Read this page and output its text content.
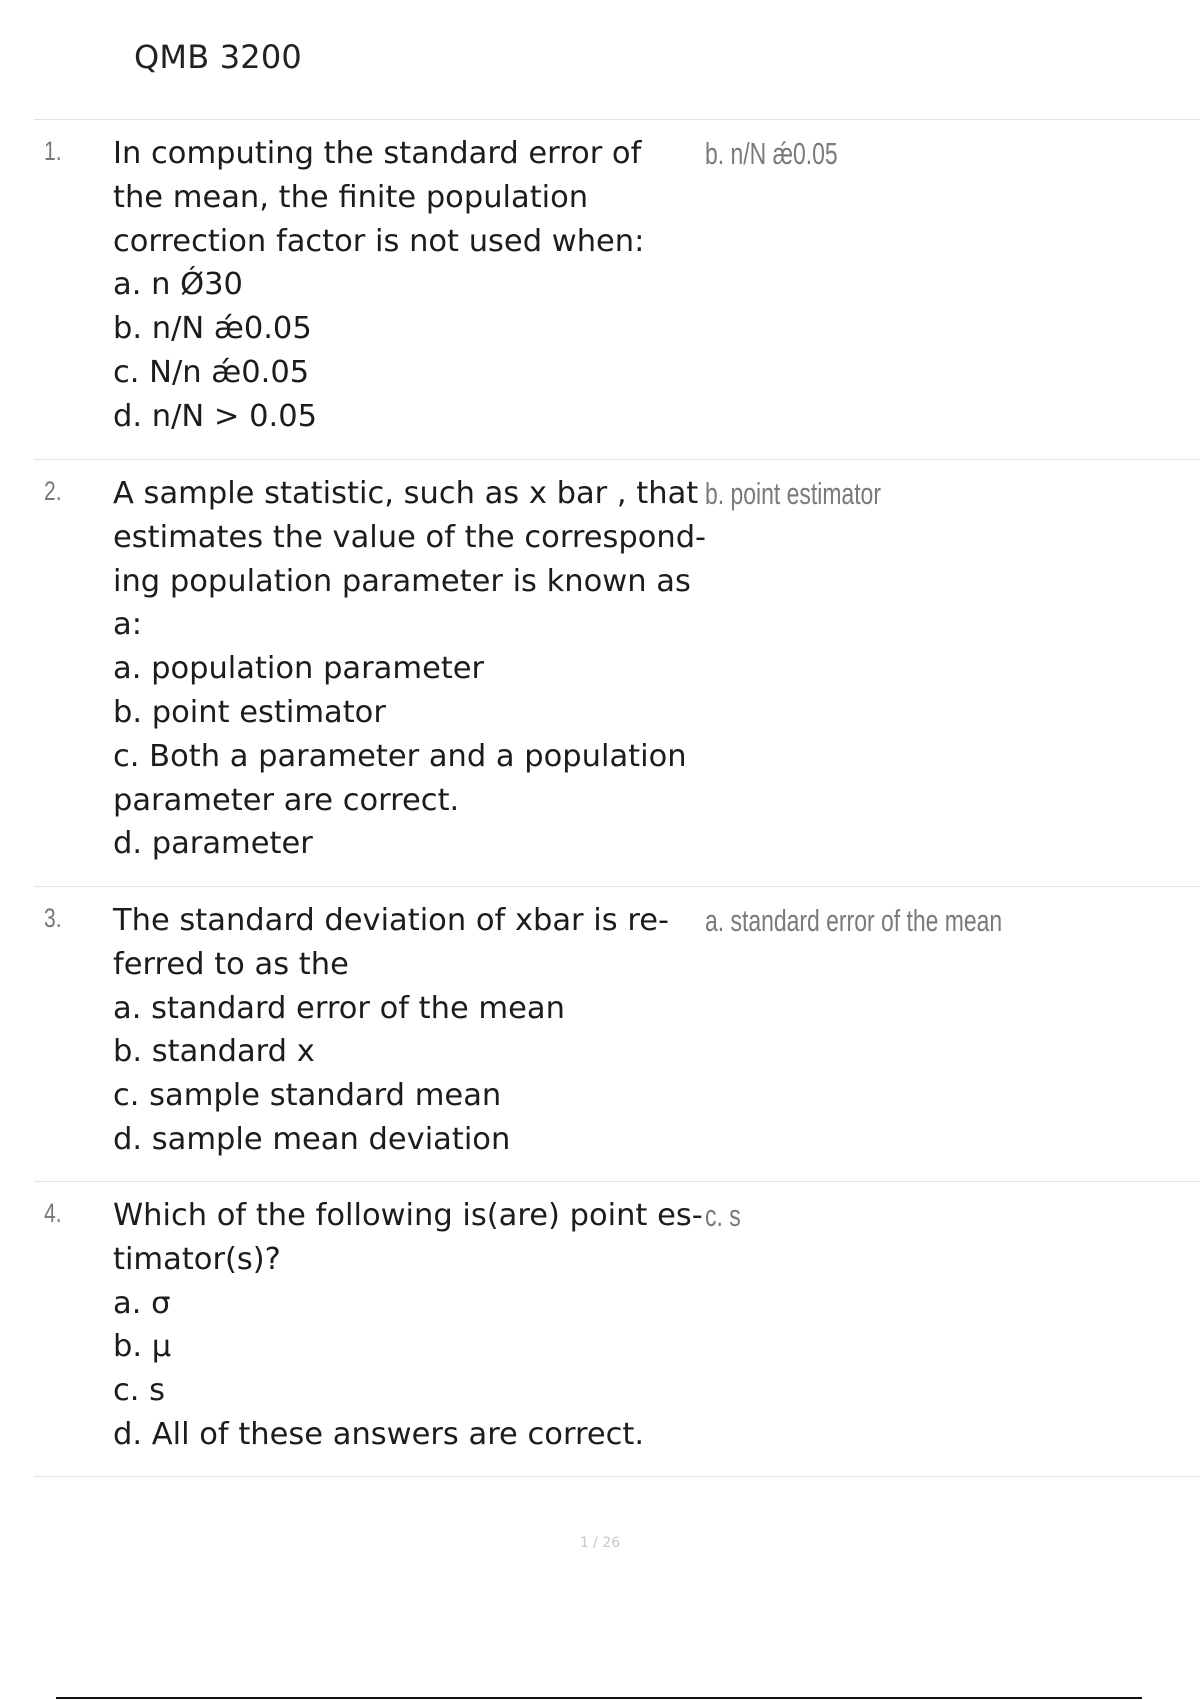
QMB 3200
1. In computing the standard error of the mean, the finite population correction factor is not used when:

a. n Ǿ30
b. n/N ǽ0.05
c. N/n ǽ0.05
d. n/N > 0.05
b. n/N ǽ0.05
2. A sample statistic, such as x bar , that estimates the value of the correspond-ing population parameter is known as a:

a. population parameter
b. point estimator
c. Both a parameter and a population parameter are correct.
d. parameter
b. point estimator
3. The standard deviation of xbar is re-ferred to as the

a. standard error of the mean
b. standard x
c. sample standard mean
d. sample mean deviation
a. standard error of the mean
4. Which of the following is(are) point es-timator(s)?

a. σ
b. μ
c. s
d. All of these answers are correct.
c. s
1 / 26
